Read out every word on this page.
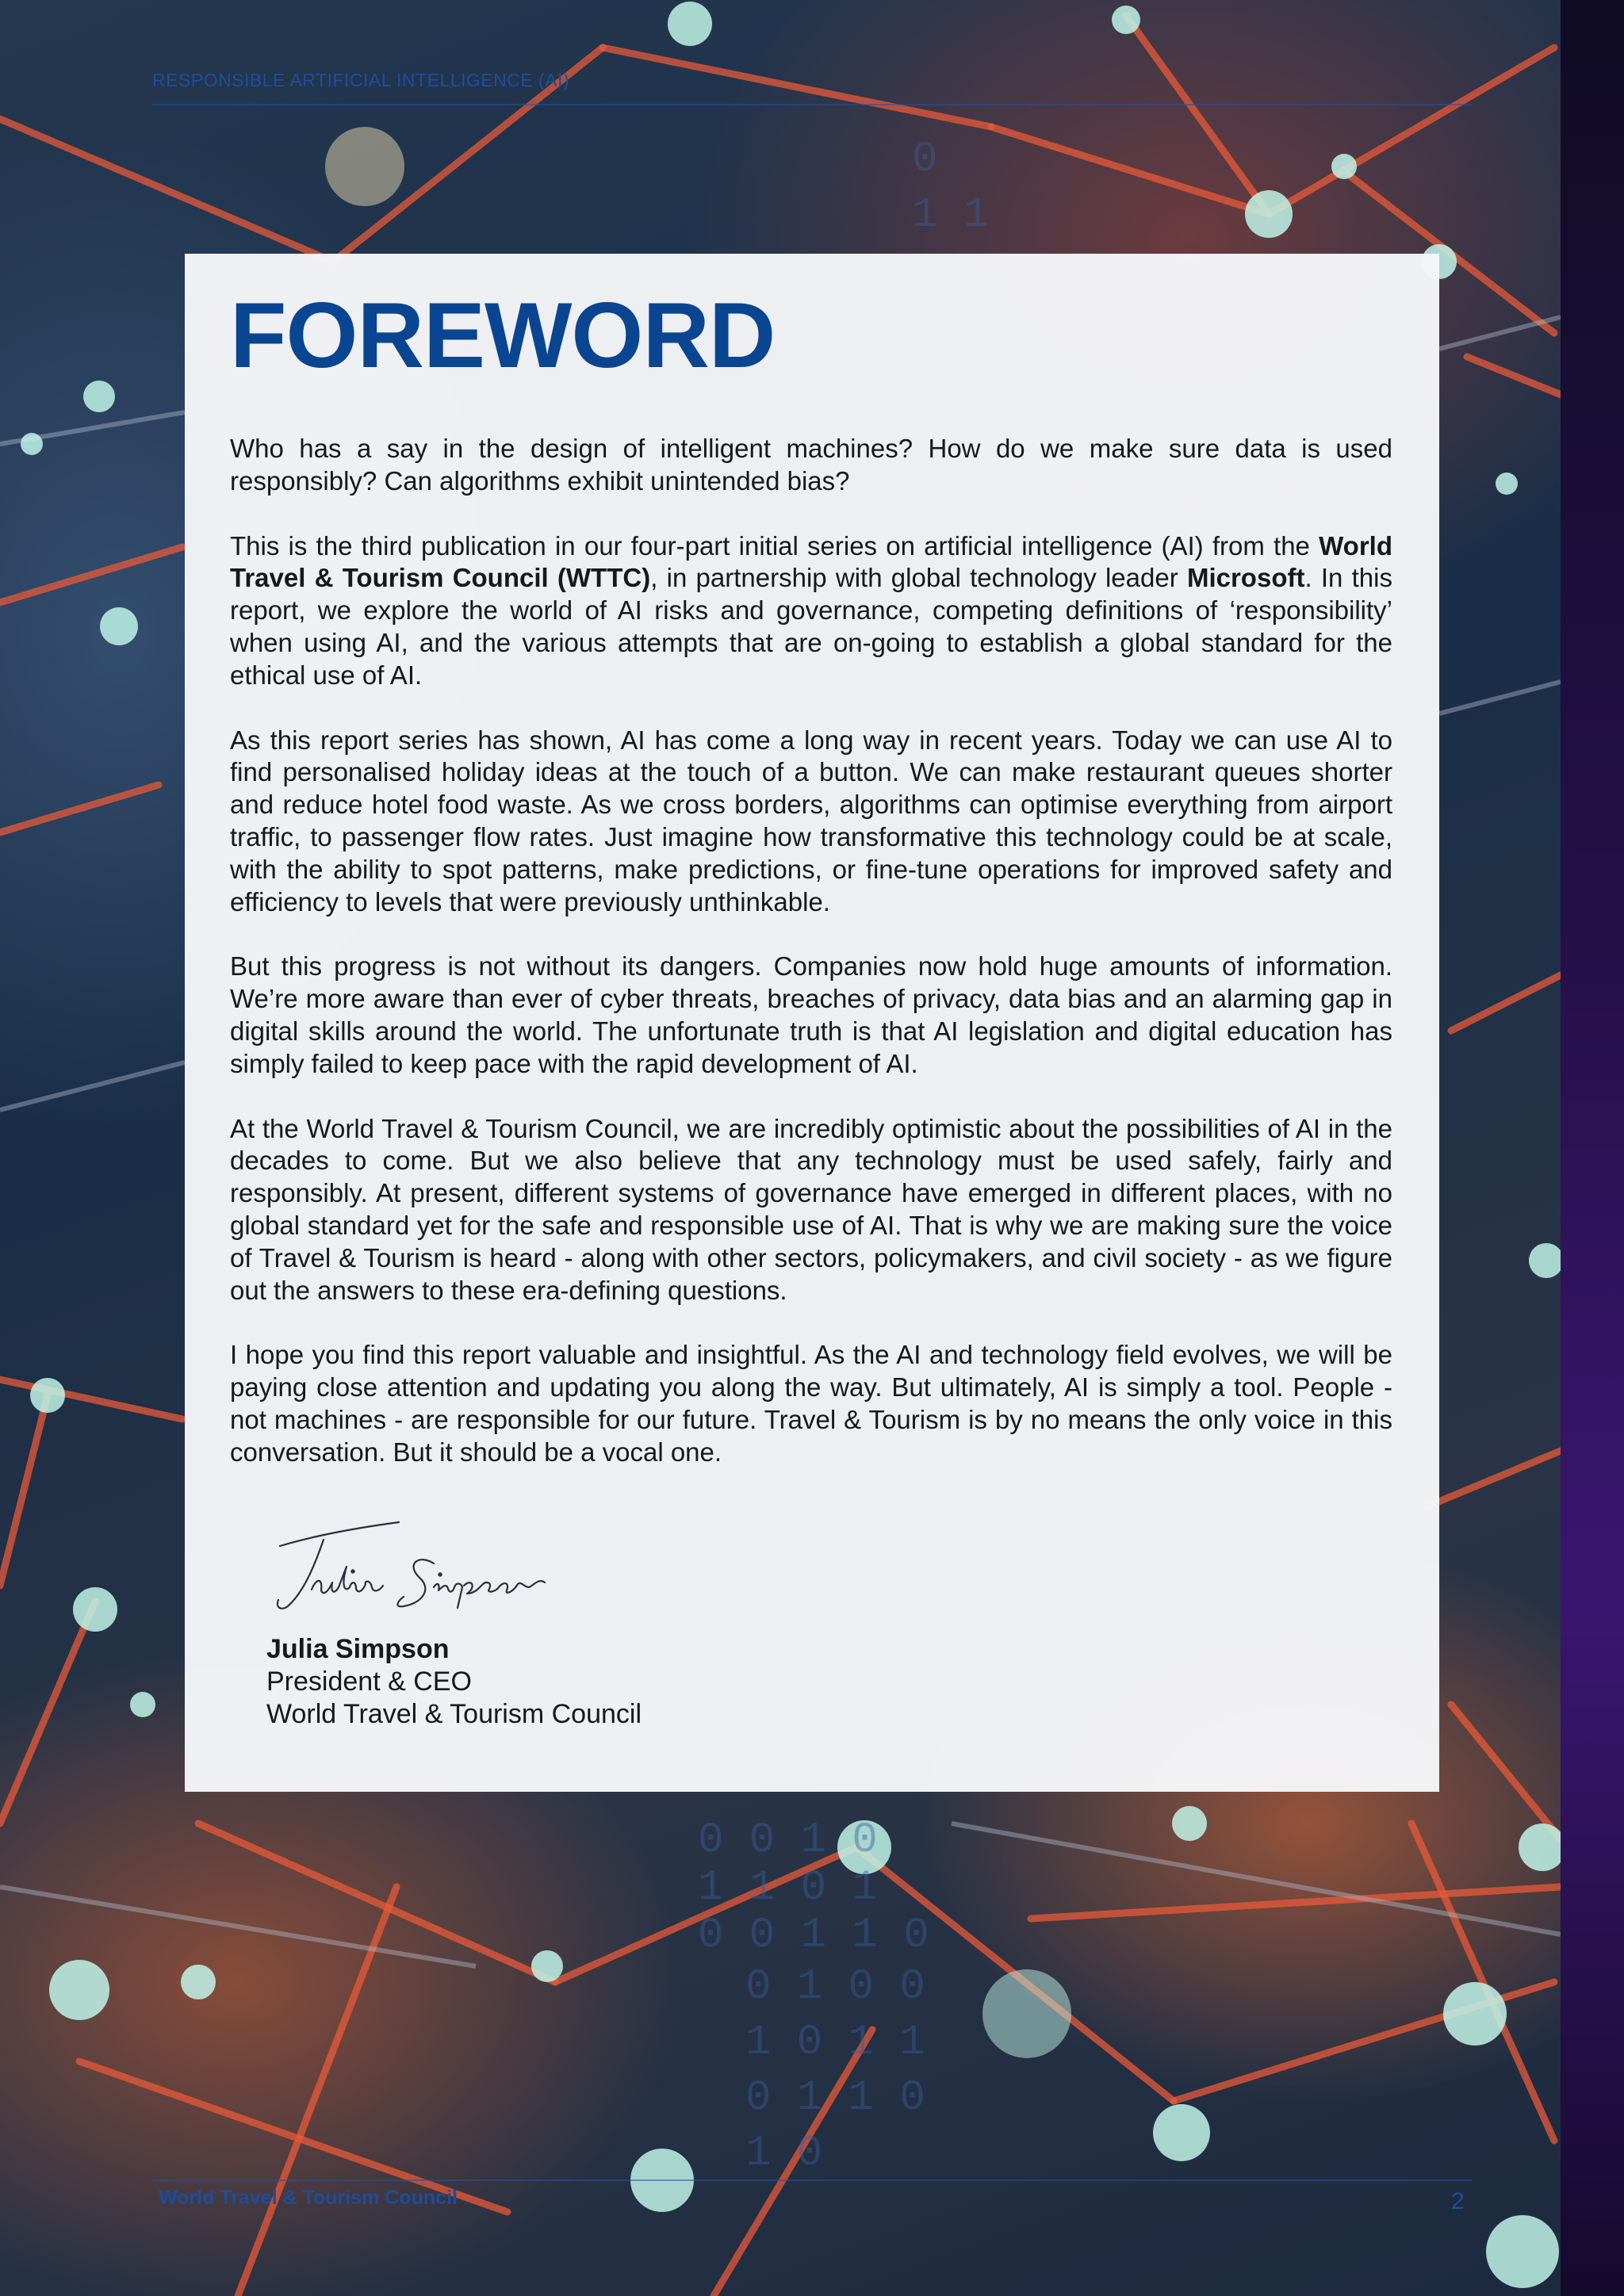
0 0 1 0
1 1 0 1
0 0 1 1 0
0 1 0 0
1 0 1 1
0 1 1 0
1 0
0
1 1
RESPONSIBLE ARTIFICIAL INTELLIGENCE (AI)
FOREWORD

Who has a say in the design of intelligent machines? How do we make sure data is used responsibly? Can algorithms exhibit unintended bias?

This is the third publication in our four-part initial series on artificial intelligence (AI) from the World Travel & Tourism Council (WTTC), in partnership with global technology leader Microsoft. In this report, we explore the world of AI risks and governance, competing definitions of ‘responsibility’ when using AI, and the various attempts that are on-going to establish a global standard for the ethical use of AI.

As this report series has shown, AI has come a long way in recent years. Today we can use AI to find personalised holiday ideas at the touch of a button. We can make restaurant queues shorter and reduce hotel food waste. As we cross borders, algorithms can optimise everything from airport traffic, to passenger flow rates. Just imagine how transformative this technology could be at scale, with the ability to spot patterns, make predictions, or fine-tune operations for improved safety and efficiency to levels that were previously unthinkable.

But this progress is not without its dangers. Companies now hold huge amounts of information. We’re more aware than ever of cyber threats, breaches of privacy, data bias and an alarming gap in digital skills around the world. The unfortunate truth is that AI legislation and digital education has simply failed to keep pace with the rapid development of AI.

At the World Travel & Tourism Council, we are incredibly optimistic about the possibilities of AI in the decades to come. But we also believe that any technology must be used safely, fairly and responsibly. At present, different systems of governance have emerged in different places, with no global standard yet for the safe and responsible use of AI. That is why we are making sure the voice of Travel & Tourism is heard - along with other sectors, policymakers, and civil society - as we figure out the answers to these era-defining questions.

I hope you find this report valuable and insightful. As the AI and technology field evolves, we will be paying close attention and updating you along the way. But ultimately, AI is simply a tool. People - not machines - are responsible for our future. Travel & Tourism is by no means the only voice in this conversation. But it should be a vocal one.

Julia Simpson
President & CEO
World Travel & Tourism Council
World Travel & Tourism Council	2
